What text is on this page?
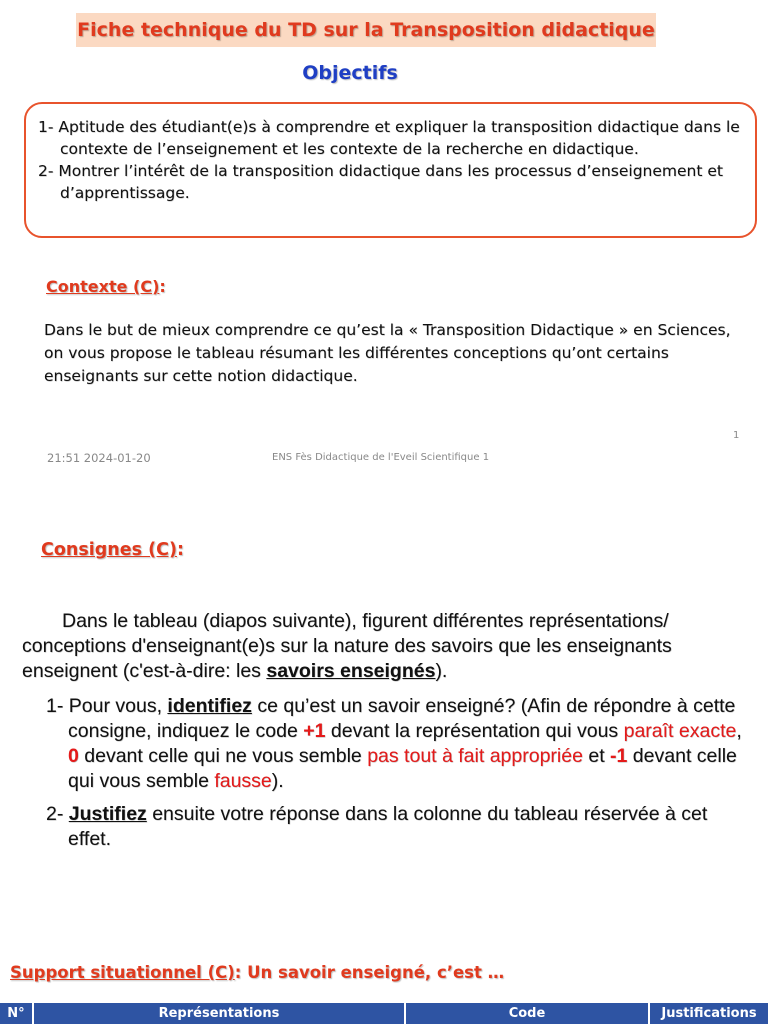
Fiche technique du TD sur la Transposition didactique
Objectifs
1- Aptitude des étudiant(e)s à comprendre et expliquer la transposition didactique dans le contexte de l’enseignement et les contexte de la recherche en didactique.
2- Montrer l’intérêt de la transposition didactique dans les processus d’enseignement et d’apprentissage.
Contexte (C):
Dans le but de mieux comprendre ce qu’est la « Transposition Didactique » en Sciences, on vous propose le tableau résumant les différentes conceptions qu’ont certains enseignants sur cette notion didactique.
1
21:51 2024-01-20	ENS Fès Didactique de l'Eveil Scientifique 1
Consignes (C):

Dans le tableau (diapos suivante), figurent différentes représentations/ conceptions d'enseignant(e)s sur la nature des savoirs que les enseignants enseignent (c'est-à-dire: les savoirs enseignés).

1- Pour vous, identifiez ce qu’est un savoir enseigné? (Afin de répondre à cette consigne, indiquez le code +1 devant la représentation qui vous paraît exacte, 0 devant celle qui ne vous semble pas tout à fait appropriée et -1 devant celle qui vous semble fausse).

2- Justifiez ensuite votre réponse dans la colonne du tableau réservée à cet effet.

Support situationnel (C): Un savoir enseigné, c’est …
N°	Représentations	Code	Justifications
